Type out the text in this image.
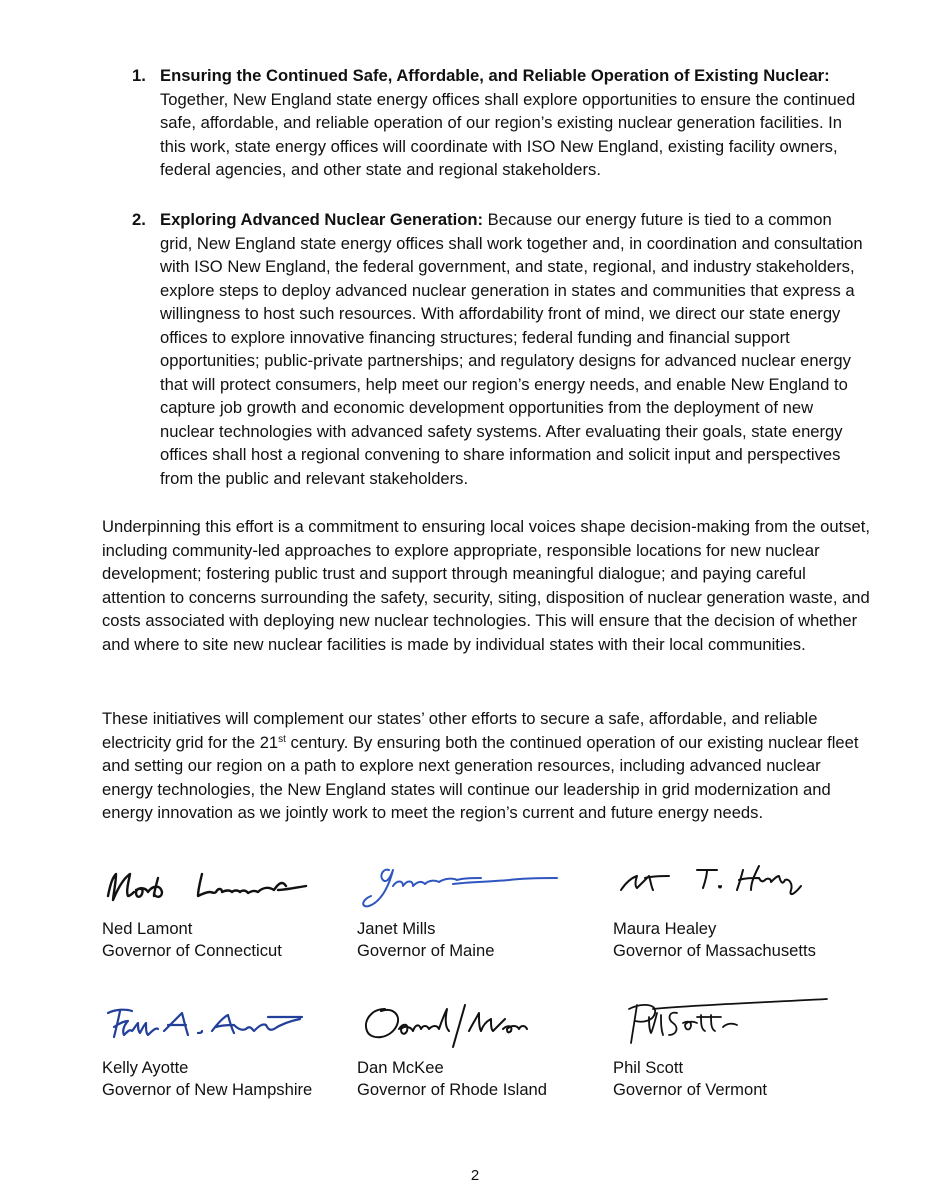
1. Ensuring the Continued Safe, Affordable, and Reliable Operation of Existing Nuclear: Together, New England state energy offices shall explore opportunities to ensure the continued safe, affordable, and reliable operation of our region’s existing nuclear generation facilities. In this work, state energy offices will coordinate with ISO New England, existing facility owners, federal agencies, and other state and regional stakeholders.

2. Exploring Advanced Nuclear Generation: Because our energy future is tied to a common grid, New England state energy offices shall work together and, in coordination and consultation with ISO New England, the federal government, and state, regional, and industry stakeholders, explore steps to deploy advanced nuclear generation in states and communities that express a willingness to host such resources. With affordability front of mind, we direct our state energy offices to explore innovative financing structures; federal funding and financial support opportunities; public-private partnerships; and regulatory designs for advanced nuclear energy that will protect consumers, help meet our region’s energy needs, and enable New England to capture job growth and economic development opportunities from the deployment of new nuclear technologies with advanced safety systems. After evaluating their goals, state energy offices shall host a regional convening to share information and solicit input and perspectives from the public and relevant stakeholders.

Underpinning this effort is a commitment to ensuring local voices shape decision-making from the outset, including community-led approaches to explore appropriate, responsible locations for new nuclear development; fostering public trust and support through meaningful dialogue; and paying careful attention to concerns surrounding the safety, security, siting, disposition of nuclear generation waste, and costs associated with deploying new nuclear technologies. This will ensure that the decision of whether and where to site new nuclear facilities is made by individual states with their local communities.

These initiatives will complement our states’ other efforts to secure a safe, affordable, and reliable electricity grid for the 21st century. By ensuring both the continued operation of our existing nuclear fleet and setting our region on a path to explore next generation resources, including advanced nuclear energy technologies, the New England states will continue our leadership in grid modernization and energy innovation as we jointly work to meet the region’s current and future energy needs.

Ned Lamont
Governor of Connecticut
Janet Mills
Governor of Maine
Maura Healey
Governor of Massachusetts
Kelly Ayotte
Governor of New Hampshire
Dan McKee
Governor of Rhode Island
Phil Scott
Governor of Vermont
2
